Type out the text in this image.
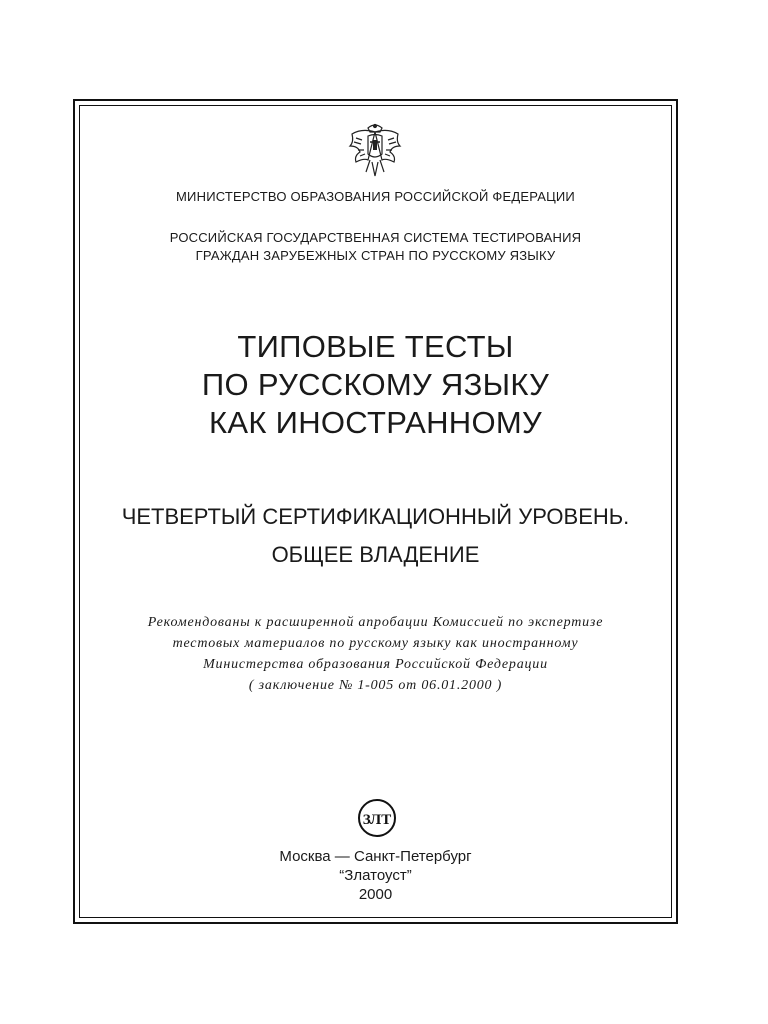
МИНИСТЕРСТВО ОБРАЗОВАНИЯ РОССИЙСКОЙ ФЕДЕРАЦИИ
РОССИЙСКАЯ ГОСУДАРСТВЕННАЯ СИСТЕМА ТЕСТИРОВАНИЯ
ГРАЖДАН ЗАРУБЕЖНЫХ СТРАН ПО РУССКОМУ ЯЗЫКУ
ТИПОВЫЕ ТЕСТЫ
ПО РУССКОМУ ЯЗЫКУ
КАК ИНОСТРАННОМУ
ЧЕТВЕРТЫЙ СЕРТИФИКАЦИОННЫЙ УРОВЕНЬ.
ОБЩЕЕ ВЛАДЕНИЕ
Рекомендованы к расширенной апробации Комиссией по экспертизе
тестовых материалов по русскому языку как иностранному
Министерства образования Российской Федерации
( заключение № 1-005 от 06.01.2000 )
ЗЛТ
Москва — Санкт-Петербург
“Златоуст”
2000
